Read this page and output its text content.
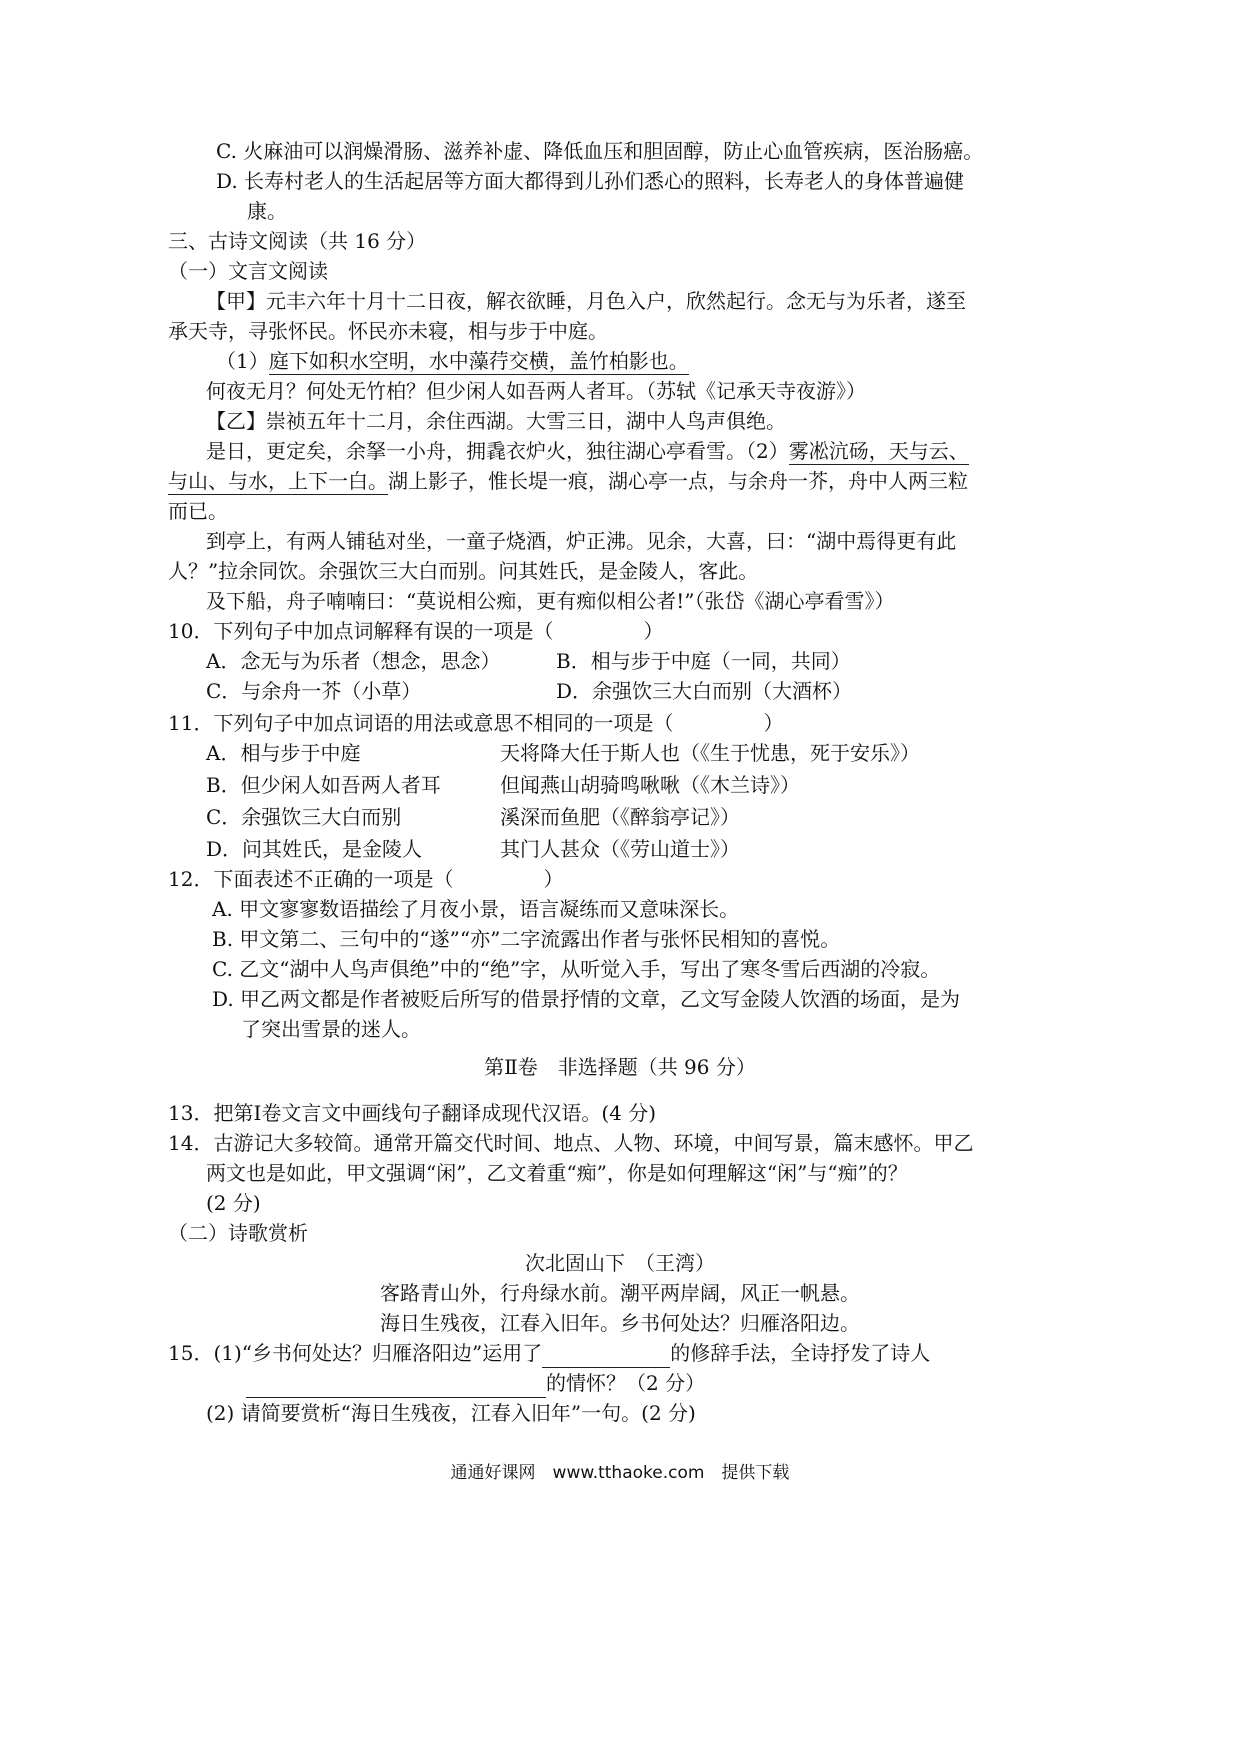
C. 火麻油可以润燥滑肠、滋养补虚、降低血压和胆固醇，防止心血管疾病，医治肠癌。
D. 长寿村老人的生活起居等方面大都得到儿孙们悉心的照料，长寿老人的身体普遍健
康。
三、古诗文阅读（共 16 分）
（一）文言文阅读
【甲】元丰六年十月十二日夜，解衣欲睡，月色入户，欣然起行。念无与为乐者，遂至
承天寺，寻张怀民。怀民亦未寝，相与步于中庭。
（1）庭下如积水空明，水中藻荇交横，盖竹柏影也。
何夜无月？何处无竹柏？但少闲人如吾两人者耳。（苏轼《记承天寺夜游》）
【乙】崇祯五年十二月，余住西湖。大雪三日，湖中人鸟声俱绝。
是日，更定矣，余拏一小舟，拥毳衣炉火，独往湖心亭看雪。（2）雾凇沆砀，天与云、
与山、与水，上下一白。湖上影子，惟长堤一痕，湖心亭一点，与余舟一芥，舟中人两三粒
而已。
到亭上，有两人铺毡对坐，一童子烧酒，炉正沸。见余，大喜，曰：“湖中焉得更有此
人？”拉余同饮。余强饮三大白而别。问其姓氏，是金陵人，客此。
及下船，舟子喃喃曰：“莫说相公痴，更有痴似相公者!”（张岱《湖心亭看雪》）
10．下列句子中加点词解释有误的一项是（	）
A．念无与为乐者（想念，思念）	B．相与步于中庭（一同，共同）
C．与余舟一芥（小草）	D．余强饮三大白而别（大酒杯）
11．下列句子中加点词语的用法或意思不相同的一项是（	）
A．相与步于中庭	天将降大任于斯人也（《生于忧患，死于安乐》）
B．但少闲人如吾两人者耳	但闻燕山胡骑鸣啾啾（《木兰诗》）
C．余强饮三大白而别	溪深而鱼肥（《醉翁亭记》）
D．问其姓氏，是金陵人	其门人甚众（《劳山道士》）
12．下面表述不正确的一项是（	）
A. 甲文寥寥数语描绘了月夜小景，语言凝练而又意味深长。
B. 甲文第二、三句中的“遂”“亦”二字流露出作者与张怀民相知的喜悦。
C. 乙文“湖中人鸟声俱绝”中的“绝”字，从听觉入手，写出了寒冬雪后西湖的冷寂。
D. 甲乙两文都是作者被贬后所写的借景抒情的文章，乙文写金陵人饮酒的场面，是为
了突出雪景的迷人。
第Ⅱ卷　非选择题（共 96 分）
13．把第Ⅰ卷文言文中画线句子翻译成现代汉语。(4 分)
14．古游记大多较简。通常开篇交代时间、地点、人物、环境，中间写景，篇末感怀。甲乙
两文也是如此，甲文强调“闲”，乙文着重“痴”，你是如何理解这“闲”与“痴”的？
(2 分)
（二）诗歌赏析
次北固山下　（王湾）
客路青山外，行舟绿水前。潮平两岸阔，风正一帆悬。
海日生残夜，江春入旧年。乡书何处达？归雁洛阳边。
15．(1)“乡书何处达？归雁洛阳边”运用了	的修辞手法，全诗抒发了诗人
的情怀？（2 分）
(2) 请简要赏析“海日生残夜，江春入旧年”一句。(2 分)
通通好课网　www.tthaoke.com　提供下载
